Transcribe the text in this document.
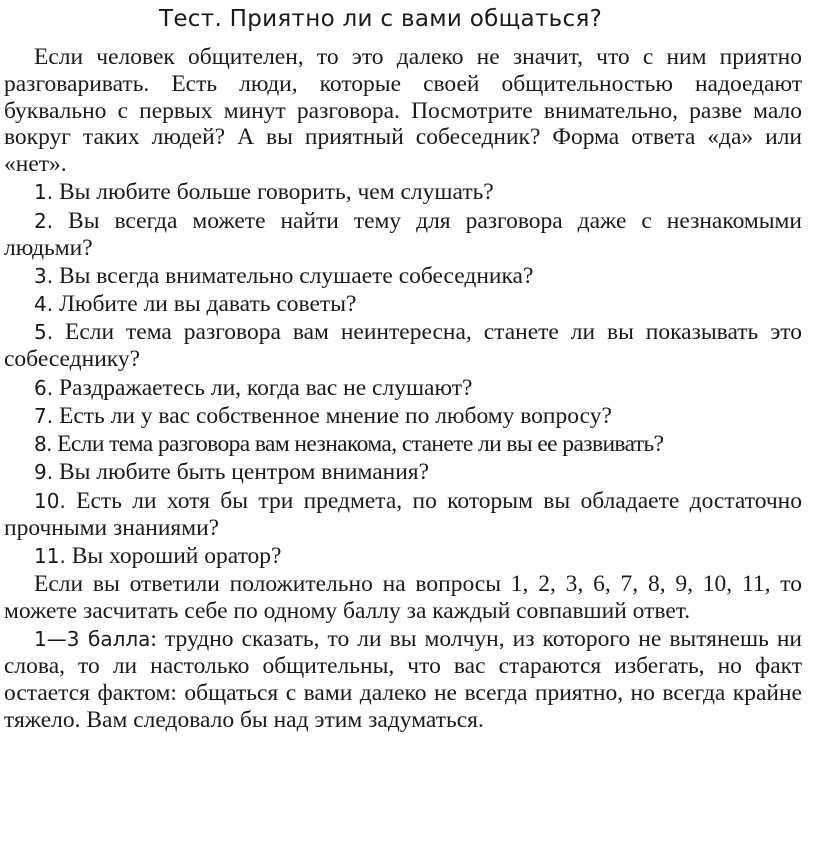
Тест. Приятно ли с вами общаться?

Если человек общителен, то это далеко не значит, что с ним приятно разговаривать. Есть люди, которые своей общительностью надоедают буквально с первых минут разговора. Посмотрите внимательно, разве мало вокруг таких людей? А вы приятный собеседник? Форма ответа «да» или «нет».

1. Вы любите больше говорить, чем слушать?

2. Вы всегда можете найти тему для разговора даже с незнакомыми людьми?

3. Вы всегда внимательно слушаете собеседника?

4. Любите ли вы давать советы?

5. Если тема разговора вам неинтересна, станете ли вы показывать это собеседнику?

6. Раздражаетесь ли, когда вас не слушают?

7. Есть ли у вас собственное мнение по любому вопросу?

8. Если тема разговора вам незнакома, станете ли вы ее развивать?

9. Вы любите быть центром внимания?

10. Есть ли хотя бы три предмета, по которым вы обладаете достаточно прочными знаниями?

11. Вы хороший оратор?

Если вы ответили положительно на вопросы 1, 2, 3, 6, 7, 8, 9, 10, 11, то можете засчитать себе по одному баллу за каждый совпавший ответ.

1—3 балла: трудно сказать, то ли вы молчун, из которого не вытянешь ни слова, то ли настолько общительны, что вас стараются избегать, но факт остается фактом: общаться с вами далеко не всегда приятно, но всегда крайне тяжело. Вам следовало бы над этим задуматься.
